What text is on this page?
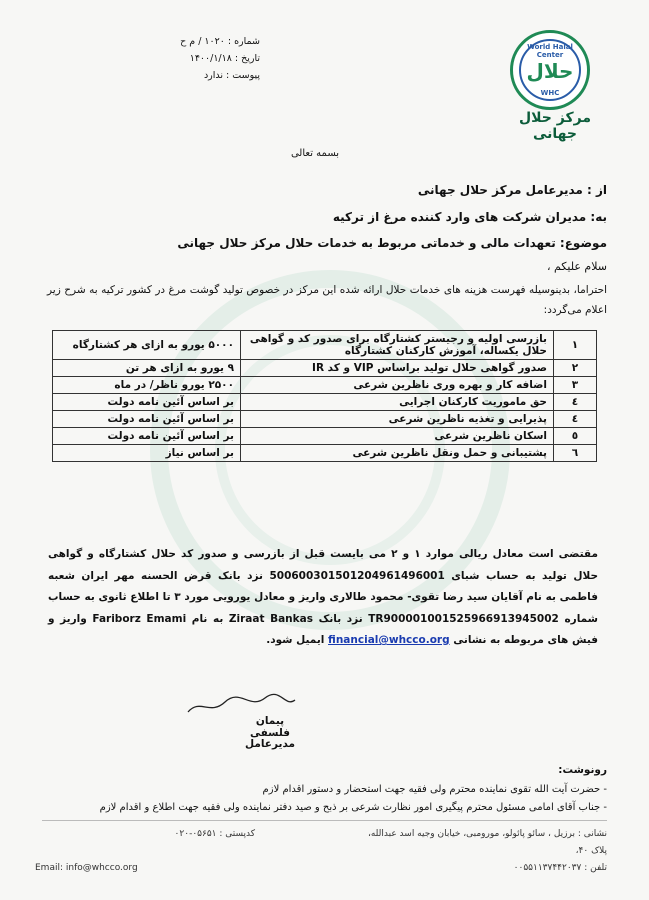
شماره : ۱۰۲۰ / م ح
تاریخ : ۱۴۰۰/۱/۱۸
پیوست : ندارد
World Halal Center
حلال
WHC
مرکز حلال جهانی
بسمه تعالی
از : مدیرعامل مرکز حلال جهانی
به: مدیران شرکت های وارد کننده مرغ از ترکیه
موضوع: تعهدات مالی و خدماتی مربوط به خدمات حلال مرکز حلال جهانی
سلام علیکم ،
احتراما، بدینوسیله فهرست هزینه های خدمات حلال ارائه شده این مرکز در خصوص تولید گوشت مرغ در کشور ترکیه به شرح زیر اعلام می‌گردد:
۱	بازرسی اولیه و رجیستر کشتارگاه برای صدور کد و گواهی حلال یکساله، آموزش کارکنان کشتارگاه	۵۰۰۰ یورو به ازای هر کشتارگاه
۲	صدور گواهی حلال تولید براساس VIP و کد IR	۹ یورو به ازای هر تن
۳	اضافه کار و بهره وری ناظرین شرعی	۲۵۰۰ یورو ناظر/ در ماه
٤	حق ماموریت کارکنان اجرایی	بر اساس آئین نامه دولت
٤	پذیرایی و تغذیه ناظرین شرعی	بر اساس آئین نامه دولت
٥	اسکان ناظرین شرعی	بر اساس آئین نامه دولت
٦	پشتیبانی و حمل ونقل ناظرین شرعی	بر اساس نیاز
مقتضی است معادل ریالی موارد ۱ و ۲ می بایست قبل از بازرسی و صدور کد حلال کشتارگاه و گواهی حلال تولید به حساب شبای 500600301501204961496001 نزد بانک قرض الحسنه مهر ایران شعبه فاطمی به نام آقایان سید رضا تقوی- محمود طالاری واریز و معادل یورویی مورد ۳ تا اطلاع ثانوی به حساب شماره TR900001001525966913945002 نزد بانک Ziraat Bankas به نام Fariborz Emami واریز و فیش های مربوطه به نشانی financial@whcco.org ایمیل شود.
پیمان فلسفی
مدیرعامل
رونوشت:
- حضرت آیت الله تقوی نماینده محترم ولی فقیه جهت استحضار و دستور اقدام لازم
- جناب آقای امامی مسئول محترم پیگیری امور نظارت شرعی بر ذبح و صید دفتر نماینده ولی فقیه جهت اطلاع و اقدام لازم
نشانی : برزیل ، سائو پائولو، مورومبی، خیابان وجیه اسد عبدالله،
پلاک ۴۰،
تلفن : ۰۰۵۵۱۱۳۷۴۴۲۰۳۷
کدپستی : ۰۵۶۵۱-۰۲۰
Email: info@whcco.org
